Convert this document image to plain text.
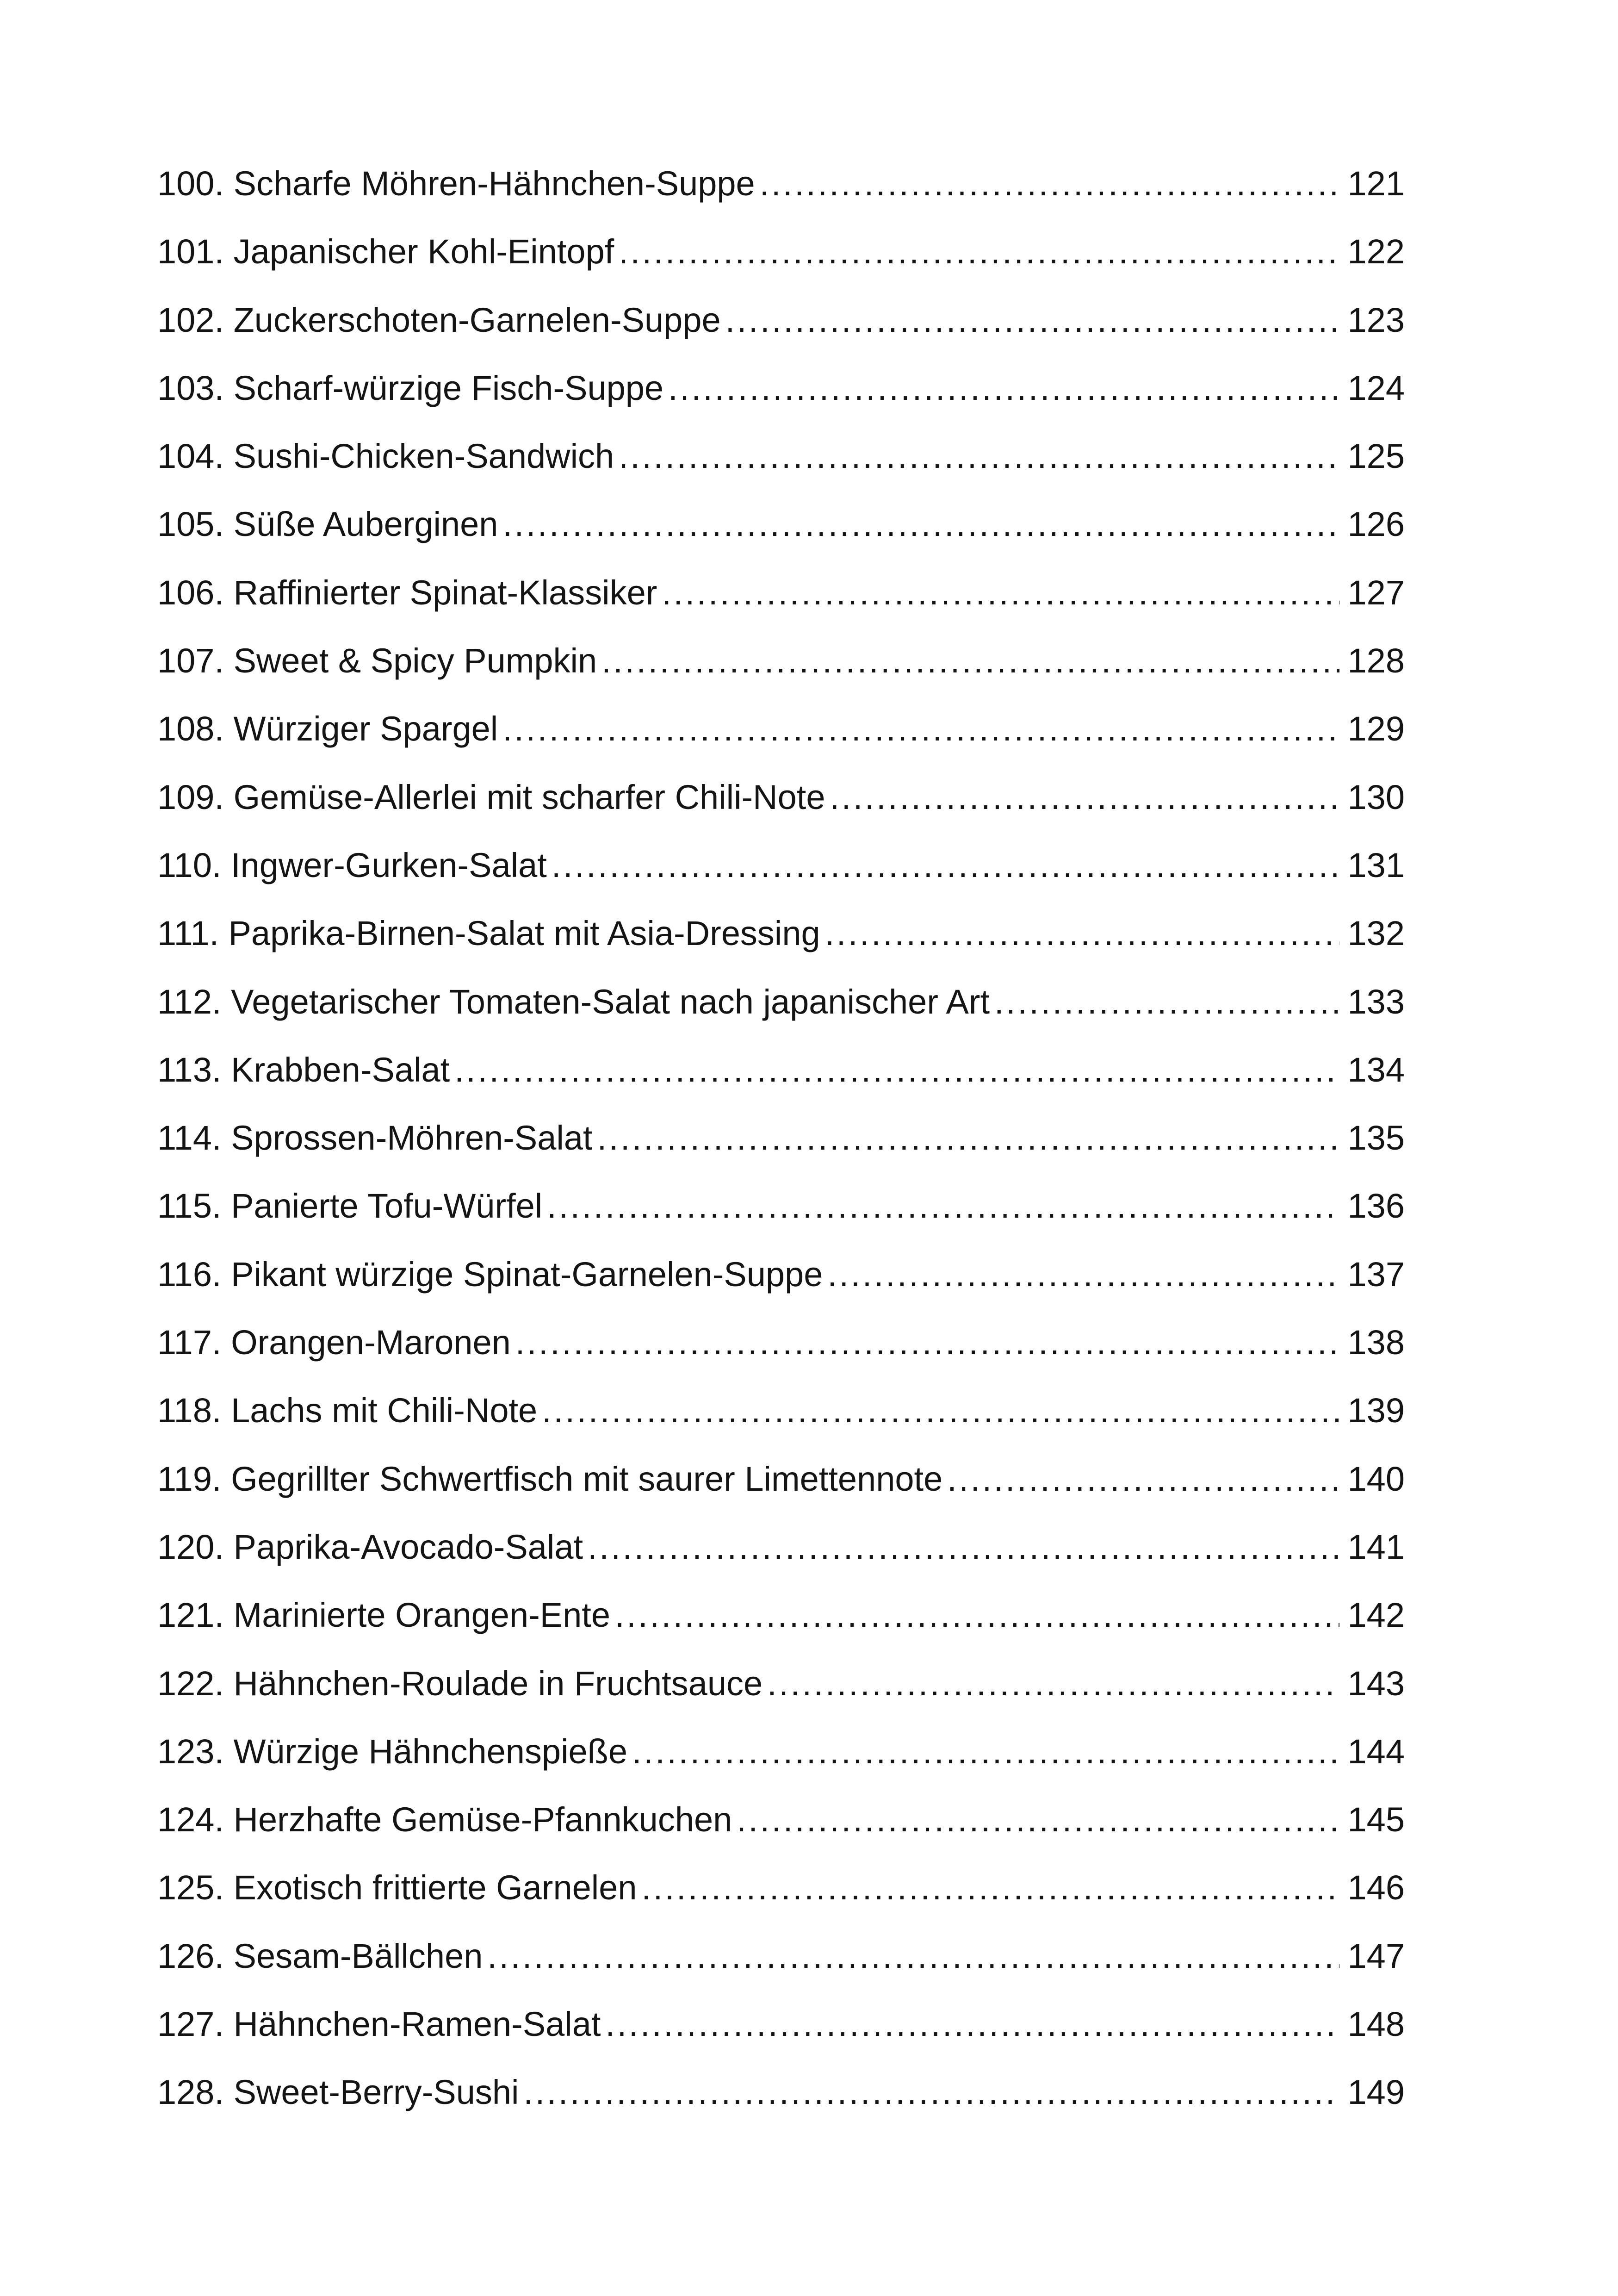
100. Scharfe Möhren-Hähnchen-Suppe . . .	121
101. Japanischer Kohl-Eintopf . . .	122
102. Zuckerschoten-Garnelen-Suppe . . .	123
103. Scharf-würzige Fisch-Suppe . . .	124
104. Sushi-Chicken-Sandwich . . .	125
105. Süße Auberginen . . .	126
106. Raffinierter Spinat-Klassiker . . .	127
107. Sweet & Spicy Pumpkin . . .	128
108. Würziger Spargel . . .	129
109. Gemüse-Allerlei mit scharfer Chili-Note . . .	130
110. Ingwer-Gurken-Salat . . .	131
111. Paprika-Birnen-Salat mit Asia-Dressing . . .	132
112. Vegetarischer Tomaten-Salat nach japanischer Art . . .	133
113. Krabben-Salat . . .	134
114. Sprossen-Möhren-Salat . . .	135
115. Panierte Tofu-Würfel . . .	136
116. Pikant würzige Spinat-Garnelen-Suppe . . .	137
117. Orangen-Maronen . . .	138
118. Lachs mit Chili-Note . . .	139
119. Gegrillter Schwertfisch mit saurer Limettennote . . .	140
120. Paprika-Avocado-Salat . . .	141
121. Marinierte Orangen-Ente . . .	142
122. Hähnchen-Roulade in Fruchtsauce . . .	143
123. Würzige Hähnchenspieße . . .	144
124. Herzhafte Gemüse-Pfannkuchen . . .	145
125. Exotisch frittierte Garnelen . . .	146
126. Sesam-Bällchen . . .	147
127. Hähnchen-Ramen-Salat . . .	148
128. Sweet-Berry-Sushi . . .	149
